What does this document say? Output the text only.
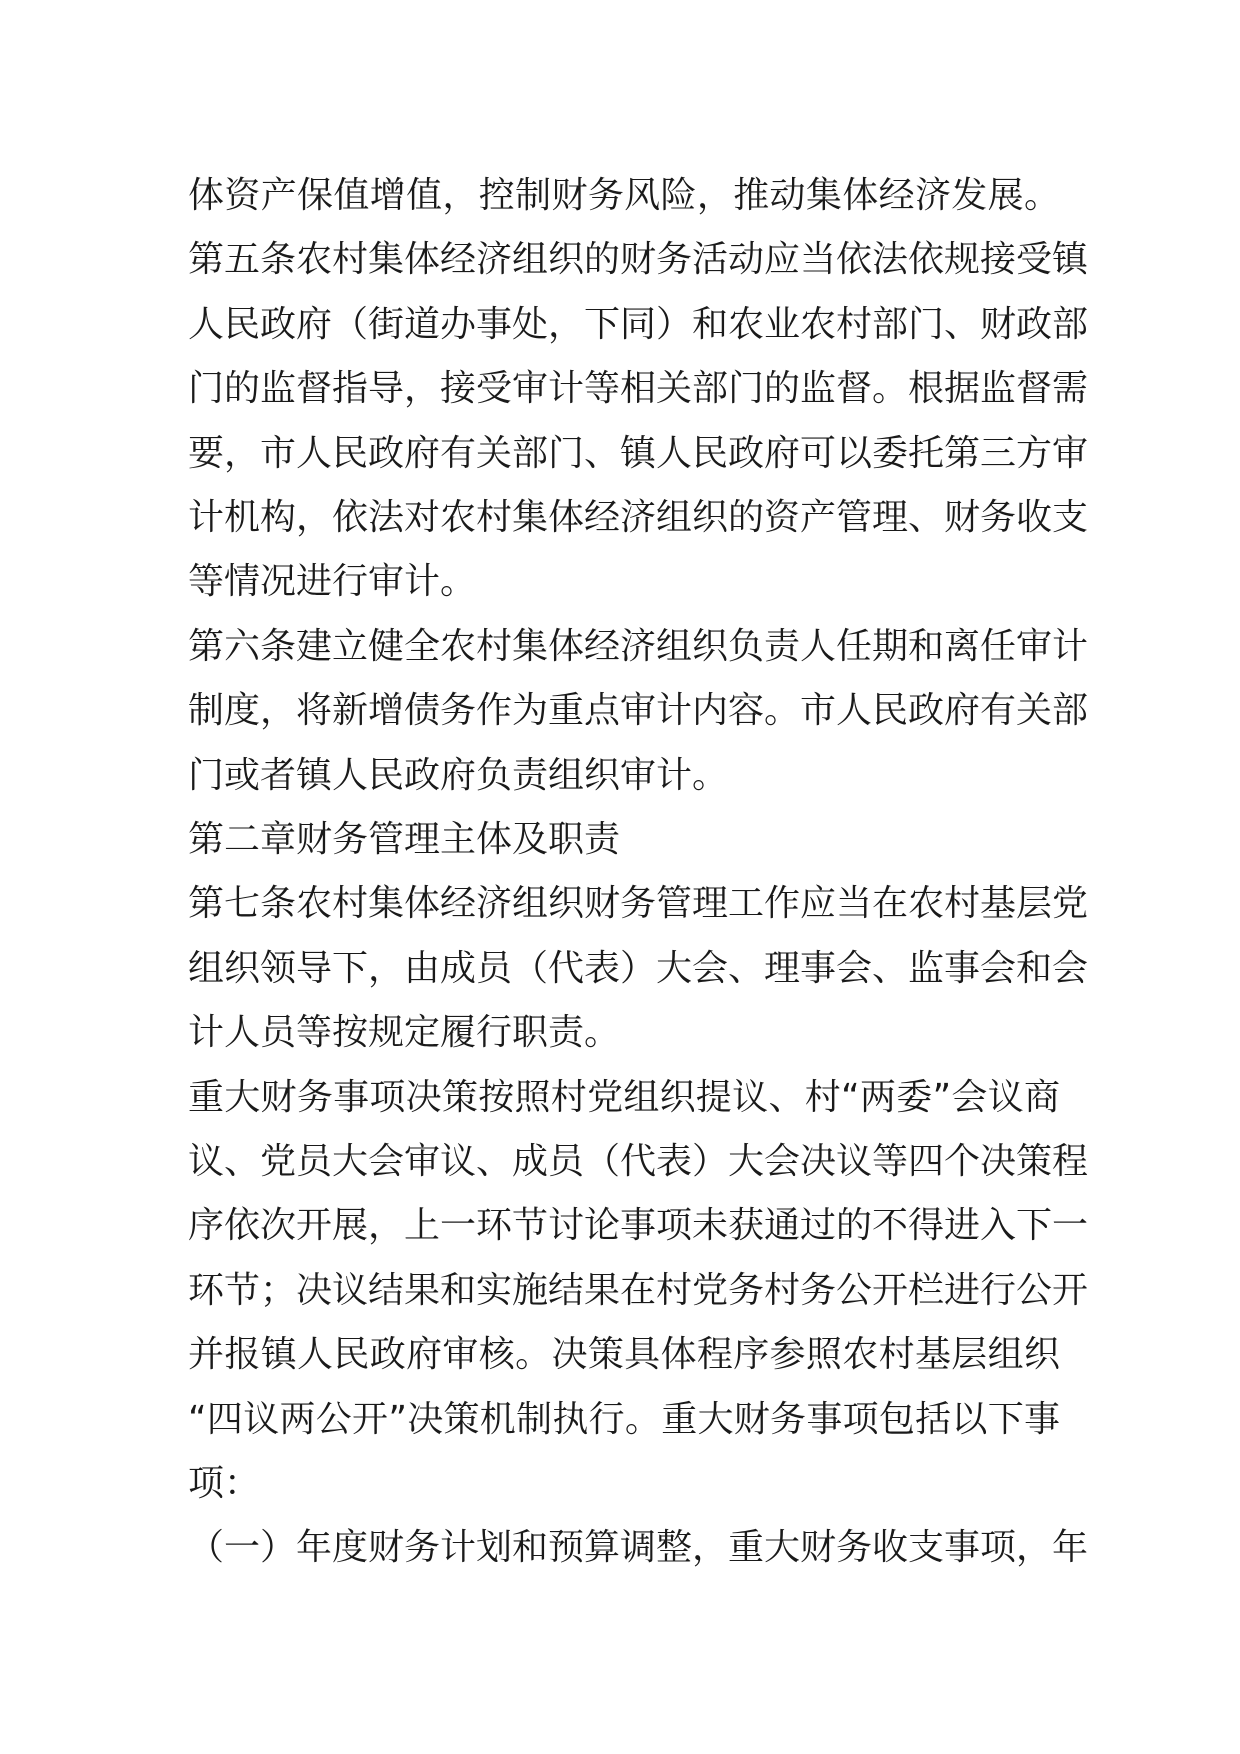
体资产保值增值，控制财务风险，推动集体经济发展。
第五条农村集体经济组织的财务活动应当依法依规接受镇
人民政府（街道办事处，下同）和农业农村部门、财政部
门的监督指导，接受审计等相关部门的监督。根据监督需
要，市人民政府有关部门、镇人民政府可以委托第三方审
计机构，依法对农村集体经济组织的资产管理、财务收支
等情况进行审计。
第六条建立健全农村集体经济组织负责人任期和离任审计
制度，将新增债务作为重点审计内容。市人民政府有关部
门或者镇人民政府负责组织审计。
第二章财务管理主体及职责
第七条农村集体经济组织财务管理工作应当在农村基层党
组织领导下，由成员（代表）大会、理事会、监事会和会
计人员等按规定履行职责。
重大财务事项决策按照村党组织提议、村“两委”会议商
议、党员大会审议、成员（代表）大会决议等四个决策程
序依次开展，上一环节讨论事项未获通过的不得进入下一
环节；决议结果和实施结果在村党务村务公开栏进行公开
并报镇人民政府审核。决策具体程序参照农村基层组织
“四议两公开”决策机制执行。重大财务事项包括以下事
项：
（一）年度财务计划和预算调整，重大财务收支事项，年
